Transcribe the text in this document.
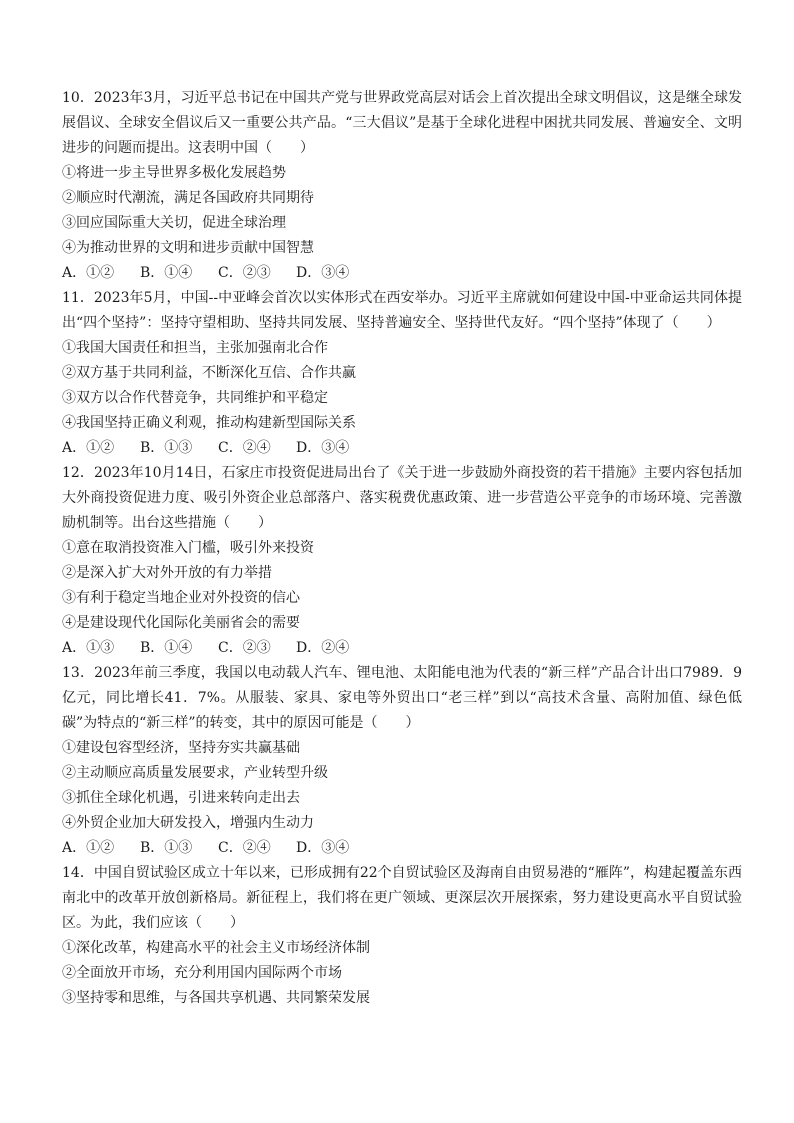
10．2023年3月，习近平总书记在中国共产党与世界政党高层对话会上首次提出全球文明倡议，这是继全球发展倡议、全球安全倡议后又一重要公共产品。“三大倡议”是基于全球化进程中困扰共同发展、普遍安全、文明进步的问题而提出。这表明中国（　　）

①将进一步主导世界多极化发展趋势

②顺应时代潮流，满足各国政府共同期待

③回应国际重大关切，促进全球治理

④为推动世界的文明和进步贡献中国智慧

A．①②	B．①④	C．②③	D．③④

11．2023年5月，中国--中亚峰会首次以实体形式在西安举办。习近平主席就如何建设中国-中亚命运共同体提出“四个坚持”：坚持守望相助、坚持共同发展、坚持普遍安全、坚持世代友好。“四个坚持”体现了（　　）

①我国大国责任和担当，主张加强南北合作

②双方基于共同利益，不断深化互信、合作共赢

③双方以合作代替竞争，共同维护和平稳定

④我国坚持正确义利观，推动构建新型国际关系

A．①②	B．①③	C．②④	D．③④

12．2023年10月14日，石家庄市投资促进局出台了《关于进一步鼓励外商投资的若干措施》主要内容包括加大外商投资促进力度、吸引外资企业总部落户、落实税费优惠政策、进一步营造公平竞争的市场环境、完善激励机制等。出台这些措施（　　）

①意在取消投资准入门槛，吸引外来投资

②是深入扩大对外开放的有力举措

③有利于稳定当地企业对外投资的信心

④是建设现代化国际化美丽省会的需要

A．①③	B．①④	C．②③	D．②④

13．2023年前三季度，我国以电动载人汽车、锂电池、太阳能电池为代表的“新三样”产品合计出口7989．9亿元，同比增长41．7%。从服装、家具、家电等外贸出口“老三样”到以“高技术含量、高附加值、绿色低碳”为特点的“新三样”的转变，其中的原因可能是（　　）

①建设包容型经济，坚持夯实共赢基础

②主动顺应高质量发展要求，产业转型升级

③抓住全球化机遇，引进来转向走出去

④外贸企业加大研发投入，增强内生动力

A．①②	B．①③	C．②④	D．③④

14．中国自贸试验区成立十年以来，已形成拥有22个自贸试验区及海南自由贸易港的“雁阵”，构建起覆盖东西南北中的改革开放创新格局。新征程上，我们将在更广领域、更深层次开展探索，努力建设更高水平自贸试验区。为此，我们应该（　　）

①深化改革，构建高水平的社会主义市场经济体制

②全面放开市场，充分利用国内国际两个市场

③坚持零和思维，与各国共享机遇、共同繁荣发展
